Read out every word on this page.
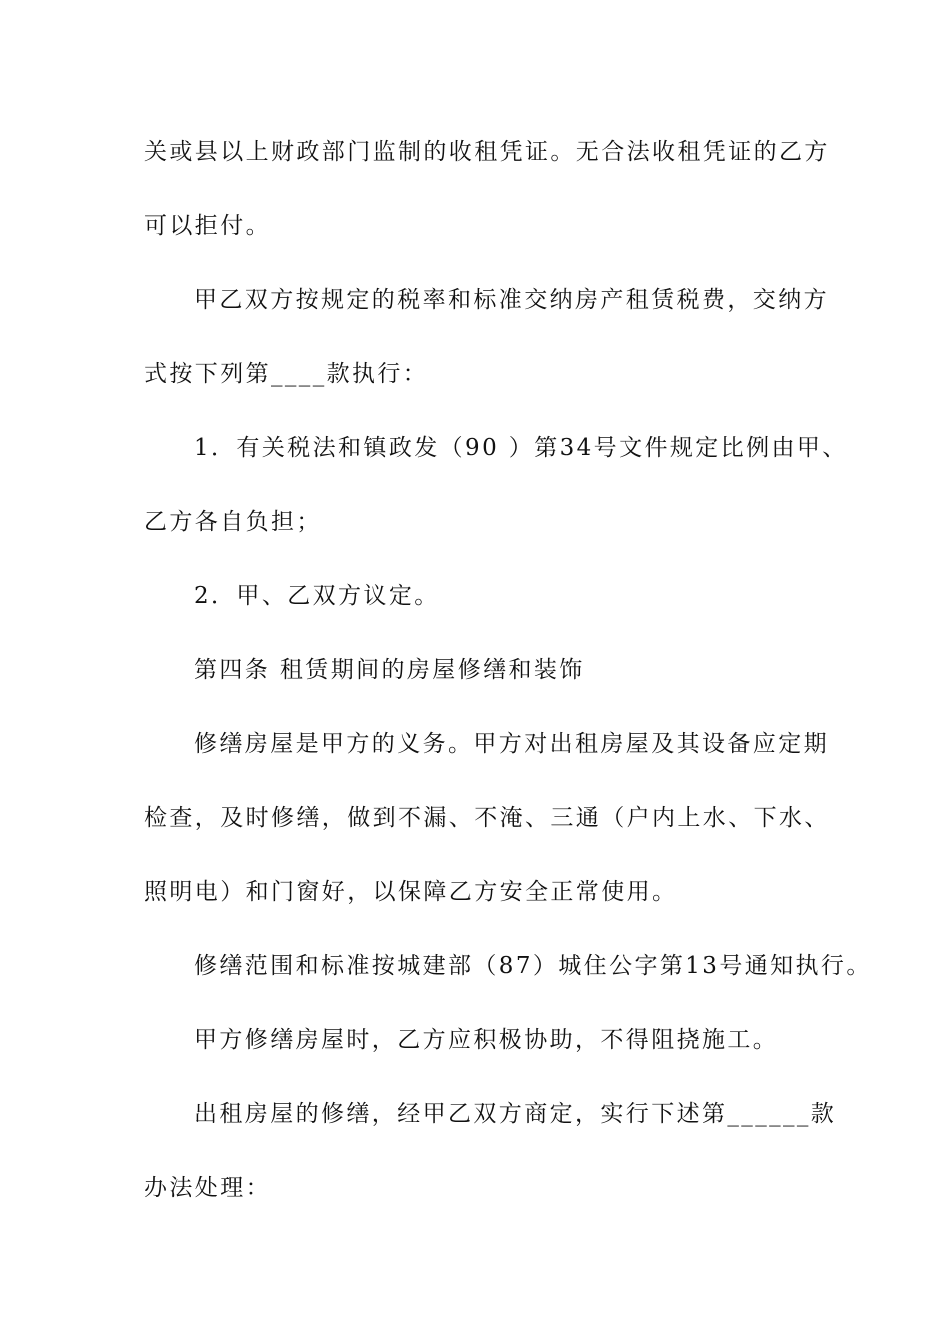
关或县以上财政部门监制的收租凭证。无合法收租凭证的乙方
可以拒付。
甲乙双方按规定的税率和标准交纳房产租赁税费，交纳方
式按下列第____款执行：
1．有关税法和镇政发（90 ）第34号文件规定比例由甲、
乙方各自负担；
2．甲、乙双方议定。
第四条 租赁期间的房屋修缮和装饰
修缮房屋是甲方的义务。甲方对出租房屋及其设备应定期
检查，及时修缮，做到不漏、不淹、三通（户内上水、下水、
照明电）和门窗好，以保障乙方安全正常使用。
修缮范围和标准按城建部（87）城住公字第13号通知执行。
甲方修缮房屋时，乙方应积极协助，不得阻挠施工。
出租房屋的修缮，经甲乙双方商定，实行下述第______款
办法处理：
